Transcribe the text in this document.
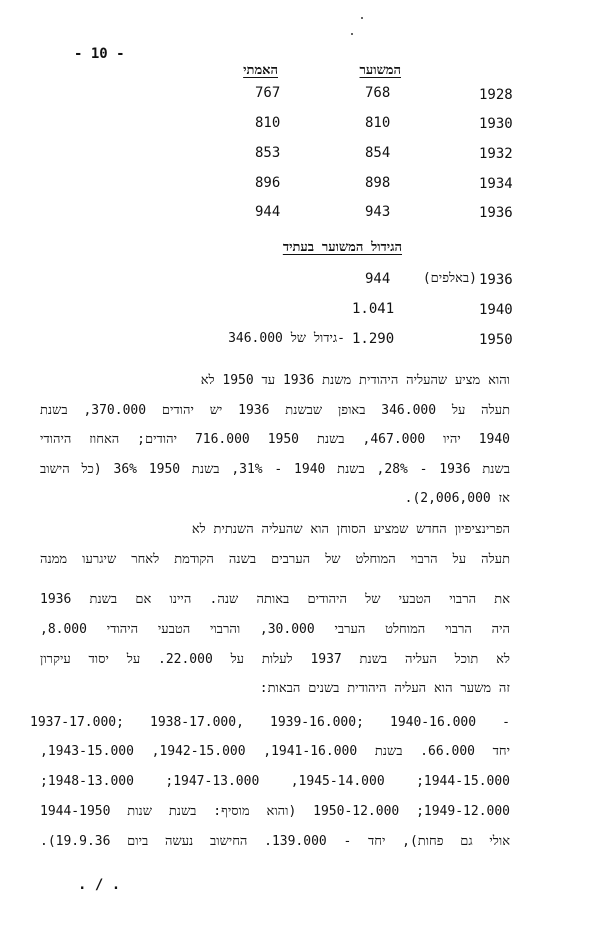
- 10 -
המשוער
האמתי
767	768	1928
810	810	1930
853	854	1932
896	898	1934
944	943	1936
הגידול המשוער בעתיד
944	(באלפים) 1936
1.041	1940
-גידול של 346.000 1.290	1950
והוא מציע שהעליה היהודית משנת 1936 עד 1950 לא
תעלה על 346.000 באופן שבשנת 1936 יש יהודים 370.000, בשנת
1940 יהיו 467.000, בשנת 1950 716.000 יהודים; האחוז היהודי
בשנת 1936 - 28%, בשנת 1940 - 31%, בשנת 1950 36% (כל הישוב
אז 2,006,000).
הפרינציפיון החדש שמציע הסוחן הוא שהעליה השנתית לא
תעלה על הרבוי המוחלט של הערבים בשנה הקודמת לאחר שיגרעו ממנה
את הרבוי הטבעי של היהודים באותה שנה. היינו אם בשנת 1936
היה הרבוי המוחלט הערבי 30.000, והרבוי הטבעי היהודי 8.000,
לא תוכל העליה בשנת 1937 לעלות על 22.000. על יסוד עיקרון
זה משער הוא העליה היהודית בשנים הבאות:
1937-17.000; 1938-17.000, 1939-16.000; 1940-16.000 -
יחד 66.000. בשנת 1941-16.000, 1942-15.000, 1943-15.000,
1944-15.000; 1945-14.000, 1947-13.000; 1948-13.000;
1949-12.000; 1950-12.000 (והוא מוסיף: בשנת שנות 1944-1950
אולי גם פחות), יחד - 139.000. החישוב נעשה ביום 19.9.36).
. / .
